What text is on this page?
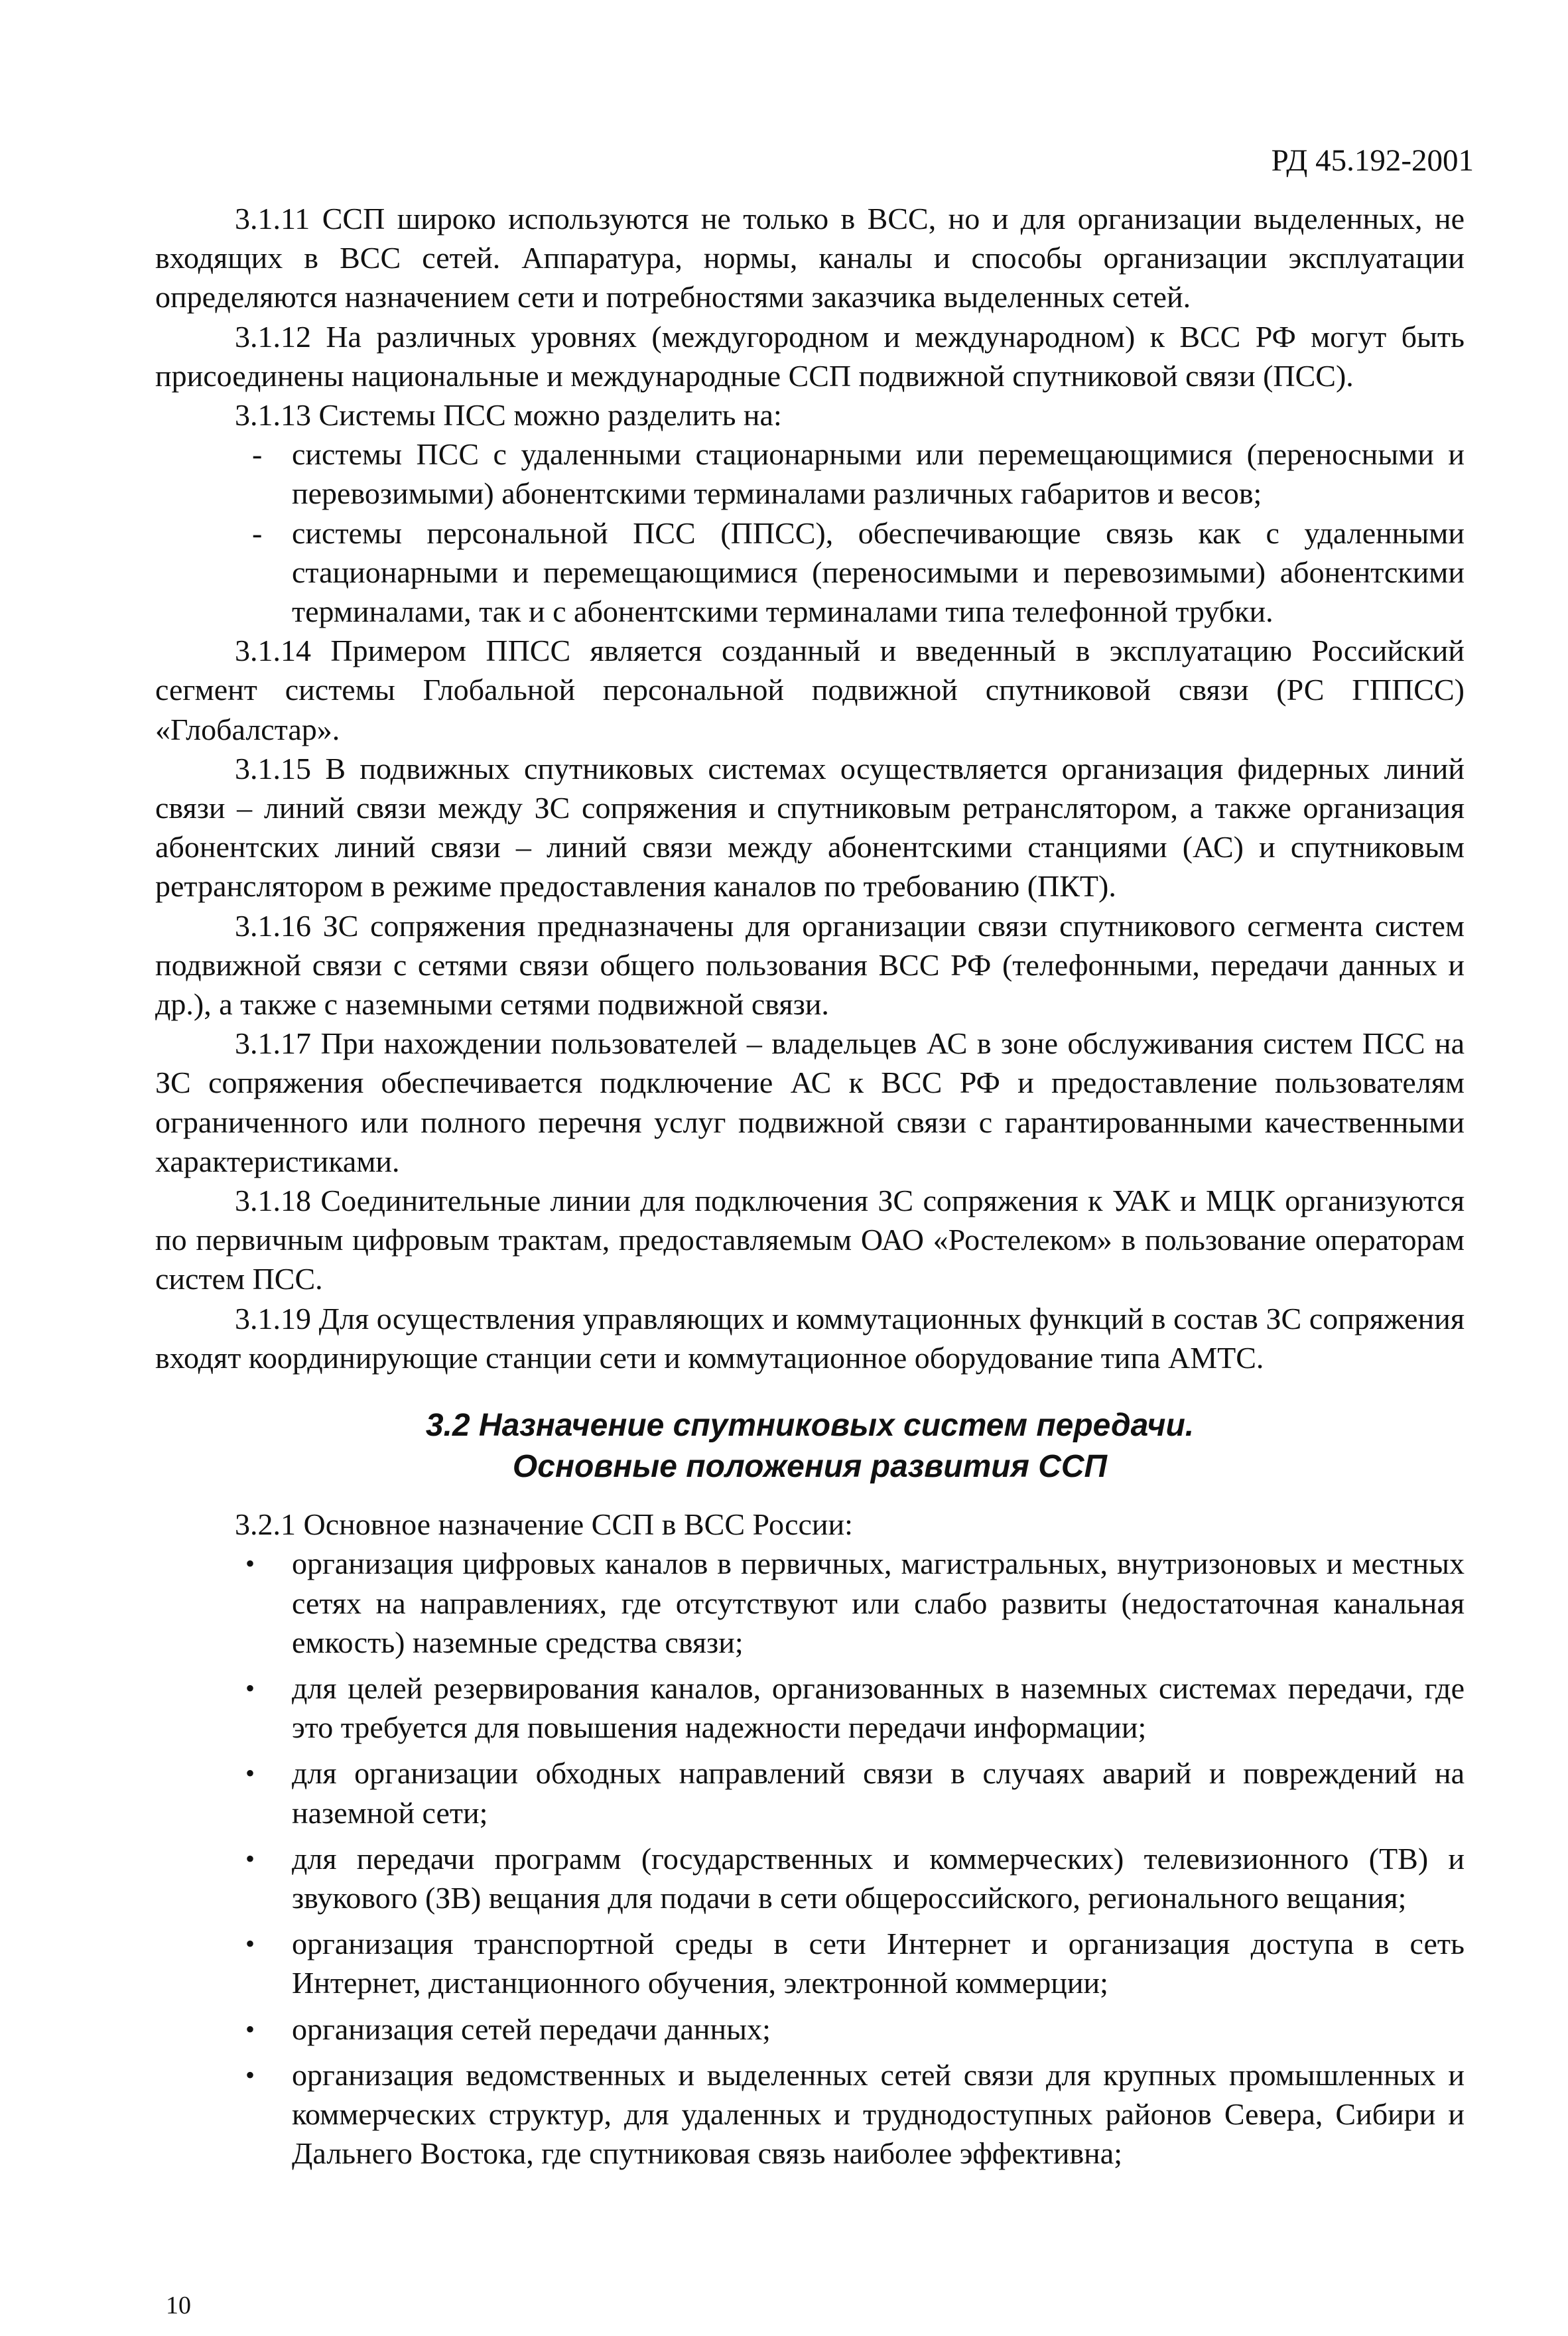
РД 45.192-2001

3.1.11 ССП широко используются не только в ВСС, но и для организации выделенных, не входящих в ВСС сетей. Аппаратура, нормы, каналы и способы организации эксплуатации определяются назначением сети и потребностями заказчика выделенных сетей.

3.1.12 На различных уровнях (междугородном и международном) к ВСС РФ могут быть присоединены национальные и международные ССП подвижной спутниковой связи (ПСС).

3.1.13 Системы ПСС можно разделить на:

- системы ПСС с удаленными стационарными или перемещающимися (переносными и перевозимыми) абонентскими терминалами различных габаритов и весов;
- системы персональной ПСС (ППСС), обеспечивающие связь как с удаленными стационарными и перемещающимися (переносимыми и перевозимыми) абонентскими терминалами, так и с абонентскими терминалами типа телефонной трубки.

3.1.14 Примером ППСС является созданный и введенный в эксплуатацию Российский сегмент системы Глобальной персональной подвижной спутниковой связи (РС ГППСС) «Глобалстар».

3.1.15 В подвижных спутниковых системах осуществляется организация фидерных линий связи – линий связи между ЗС сопряжения и спутниковым ретранслятором, а также организация абонентских линий связи – линий связи между абонентскими станциями (АС) и спутниковым ретранслятором в режиме предоставления каналов по требованию (ПКТ).

3.1.16 ЗС сопряжения предназначены для организации связи спутникового сегмента систем подвижной связи с сетями связи общего пользования ВСС РФ (телефонными, передачи данных и др.), а также с наземными сетями подвижной связи.

3.1.17 При нахождении пользователей – владельцев АС в зоне обслуживания систем ПСС на ЗС сопряжения обеспечивается подключение АС к ВСС РФ и предоставление пользователям ограниченного или полного перечня услуг подвижной связи с гарантированными качественными характеристиками.

3.1.18 Соединительные линии для подключения ЗС сопряжения к УАК и МЦК организуются по первичным цифровым трактам, предоставляемым ОАО «Ростелеком» в пользование операторам систем ПСС.

3.1.19 Для осуществления управляющих и коммутационных функций в состав ЗС сопряжения входят координирующие станции сети и коммутационное оборудование типа АМТС.

3.2 Назначение спутниковых систем передачи.
Основные положения развития ССП

3.2.1 Основное назначение ССП в ВСС России:

• организация цифровых каналов в первичных, магистральных, внутризоновых и местных сетях на направлениях, где отсутствуют или слабо развиты (недостаточная канальная емкость) наземные средства связи;
• для целей резервирования каналов, организованных в наземных системах передачи, где это требуется для повышения надежности передачи информации;
• для организации обходных направлений связи в случаях аварий и повреждений на наземной сети;
• для передачи программ (государственных и коммерческих) телевизионного (ТВ) и звукового (ЗВ) вещания для подачи в сети общероссийского, регионального вещания;
• организация транспортной среды в сети Интернет и организация доступа в сеть Интернет, дистанционного обучения, электронной коммерции;
• организация сетей передачи данных;
• организация ведомственных и выделенных сетей связи для крупных промышленных и коммерческих структур, для удаленных и труднодоступных районов Севера, Сибири и Дальнего Востока, где спутниковая связь наиболее эффективна;

10
